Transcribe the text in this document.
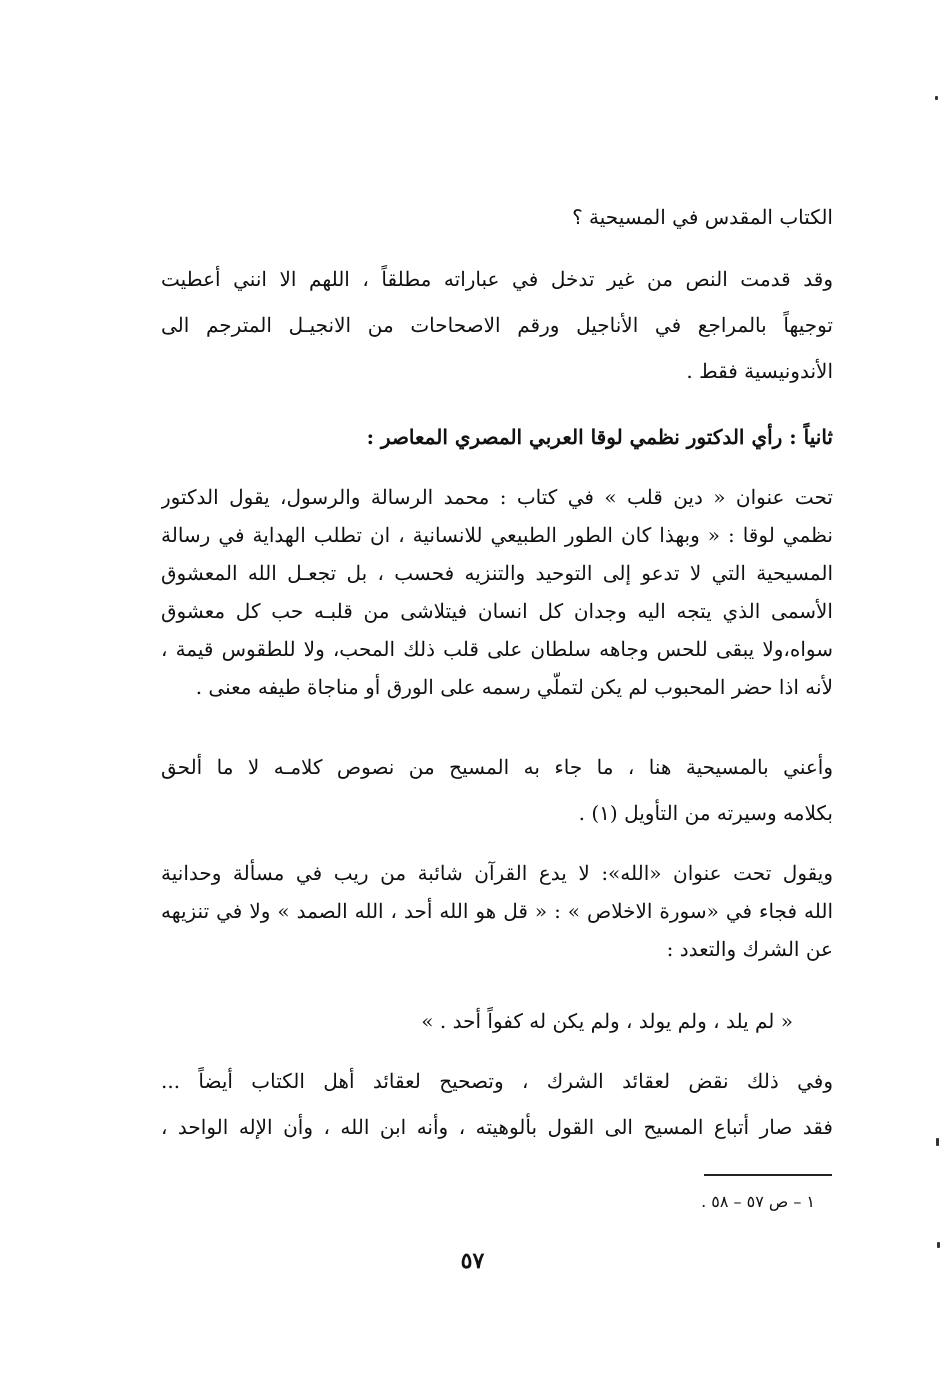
الكتاب المقدس في المسيحية ؟
وقد قدمت النص من غير تدخل في عباراته مطلقاً ، اللهم الا انني أعطيت
توجيهاً بالمراجع في الأناجيل ورقم الاصحاحات من الانجيـل المترجم الى
الأندونيسية فقط .
ثانياً : رأي الدكتور نظمي لوقا العربي المصري المعاصر :
تحت عنوان « دين قلب » في كتاب : محمد الرسالة والرسول، يقول الدكتور
نظمي لوقا : « وبهذا كان الطور الطبيعي للانسانية ، ان تطلب الهداية في رسالة
المسيحية التي لا تدعو إلى التوحيد والتنزيه فحسب ، بل تجعـل الله المعشوق
الأسمى الذي يتجه اليه وجدان كل انسان فيتلاشى من قلبـه حب كل معشوق
سواه،ولا يبقى للحس وجاهه سلطان على قلب ذلك المحب، ولا للطقوس قيمة ،
لأنه اذا حضر المحبوب لم يكن لتملّي رسمه على الورق أو مناجاة طيفه معنى .
وأعني بالمسيحية هنا ، ما جاء به المسيح من نصوص كلامـه لا ما ألحق
بكلامه وسيرته من التأويل (١) .
ويقول تحت عنوان «الله»: لا يدع القرآن شائبة من ريب في مسألة وحدانية
الله فجاء في «سورة الاخلاص » : « قل هو الله أحد ، الله الصمد » ولا في تنزيهه
عن الشرك والتعدد :
« لم يلد ، ولم يولد ، ولم يكن له كفواً أحد . »
وفي ذلك نقض لعقائد الشرك ، وتصحيح لعقائد أهل الكتاب أيضاً ...
فقد صار أتباع المسيح الى القول بألوهيته ، وأنه ابن الله ، وأن الإله الواحد ،
١ – ص ٥٧ – ٥٨ .
٥٧
